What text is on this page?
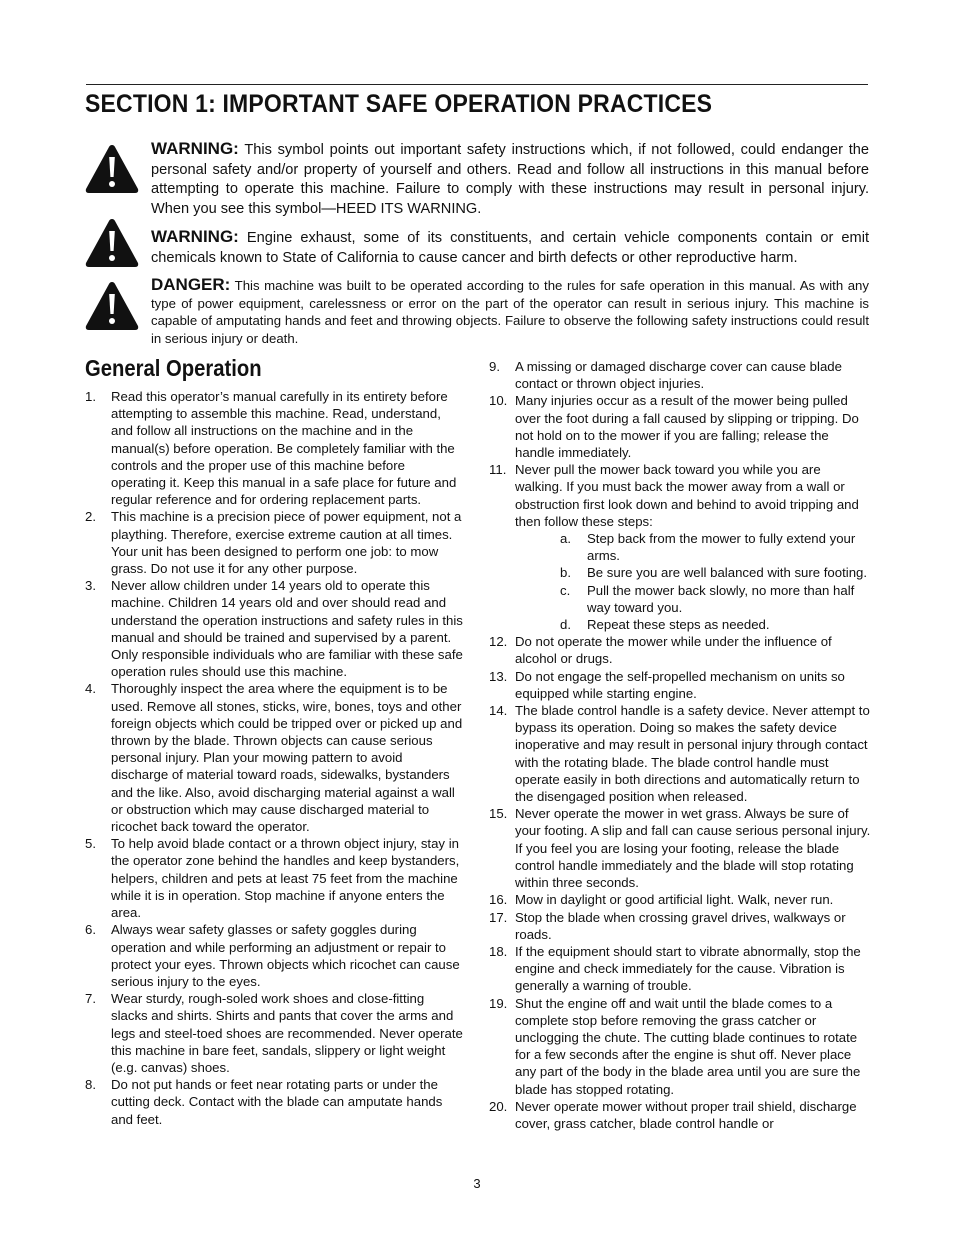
SECTION 1: IMPORTANT SAFE OPERATION PRACTICES
WARNING: This symbol points out important safety instructions which, if not followed, could endanger the personal safety and/or property of yourself and others. Read and follow all instructions in this manual before attempting to operate this machine. Failure to comply with these instructions may result in personal injury. When you see this symbol—HEED ITS WARNING.
WARNING: Engine exhaust, some of its constituents, and certain vehicle components contain or emit chemicals known to State of California to cause cancer and birth defects or other reproductive harm.
DANGER: This machine was built to be operated according to the rules for safe operation in this manual. As with any type of power equipment, carelessness or error on the part of the operator can result in serious injury. This machine is capable of amputating hands and feet and throwing objects. Failure to observe the following safety instructions could result in serious injury or death.
General Operation
1. Read this operator’s manual carefully in its entirety before attempting to assemble this machine. Read, understand, and follow all instructions on the machine and in the manual(s) before operation. Be completely familiar with the controls and the proper use of this machine before operating it. Keep this manual in a safe place for future and regular reference and for ordering replacement parts.
2. This machine is a precision piece of power equipment, not a plaything. Therefore, exercise extreme caution at all times. Your unit has been designed to perform one job: to mow grass. Do not use it for any other purpose.
3. Never allow children under 14 years old to operate this machine. Children 14 years old and over should read and understand the operation instructions and safety rules in this manual and should be trained and supervised by a parent. Only responsible individuals who are familiar with these safe operation rules should use this machine.
4. Thoroughly inspect the area where the equipment is to be used. Remove all stones, sticks, wire, bones, toys and other foreign objects which could be tripped over or picked up and thrown by the blade. Thrown objects can cause serious personal injury. Plan your mowing pattern to avoid discharge of material toward roads, sidewalks, bystanders and the like. Also, avoid discharging material against a wall or obstruction which may cause discharged material to ricochet back toward the operator.
5. To help avoid blade contact or a thrown object injury, stay in the operator zone behind the handles and keep bystanders, helpers, children and pets at least 75 feet from the machine while it is in operation. Stop machine if anyone enters the area.
6. Always wear safety glasses or safety goggles during operation and while performing an adjustment or repair to protect your eyes. Thrown objects which ricochet can cause serious injury to the eyes.
7. Wear sturdy, rough-soled work shoes and close-fitting slacks and shirts. Shirts and pants that cover the arms and legs and steel-toed shoes are recommended. Never operate this machine in bare feet, sandals, slippery or light weight (e.g. canvas) shoes.
8. Do not put hands or feet near rotating parts or under the cutting deck. Contact with the blade can amputate hands and feet.
9. A missing or damaged discharge cover can cause blade contact or thrown object injuries.
10. Many injuries occur as a result of the mower being pulled over the foot during a fall caused by slipping or tripping. Do not hold on to the mower if you are falling; release the handle immediately.
11. Never pull the mower back toward you while you are walking. If you must back the mower away from a wall or obstruction first look down and behind to avoid tripping and then follow these steps:
a. Step back from the mower to fully extend your arms.
b. Be sure you are well balanced with sure footing.
c. Pull the mower back slowly, no more than half way toward you.
d. Repeat these steps as needed.
12. Do not operate the mower while under the influence of alcohol or drugs.
13. Do not engage the self-propelled mechanism on units so equipped while starting engine.
14. The blade control handle is a safety device. Never attempt to bypass its operation. Doing so makes the safety device inoperative and may result in personal injury through contact with the rotating blade. The blade control handle must operate easily in both directions and automatically return to the disengaged position when released.
15. Never operate the mower in wet grass. Always be sure of your footing. A slip and fall can cause serious personal injury. If you feel you are losing your footing, release the blade control handle immediately and the blade will stop rotating within three seconds.
16. Mow in daylight or good artificial light. Walk, never run.
17. Stop the blade when crossing gravel drives, walkways or roads.
18. If the equipment should start to vibrate abnormally, stop the engine and check immediately for the cause. Vibration is generally a warning of trouble.
19. Shut the engine off and wait until the blade comes to a complete stop before removing the grass catcher or unclogging the chute. The cutting blade continues to rotate for a few seconds after the engine is shut off. Never place any part of the body in the blade area until you are sure the blade has stopped rotating.
20. Never operate mower without proper trail shield, discharge cover, grass catcher, blade control handle or
3
